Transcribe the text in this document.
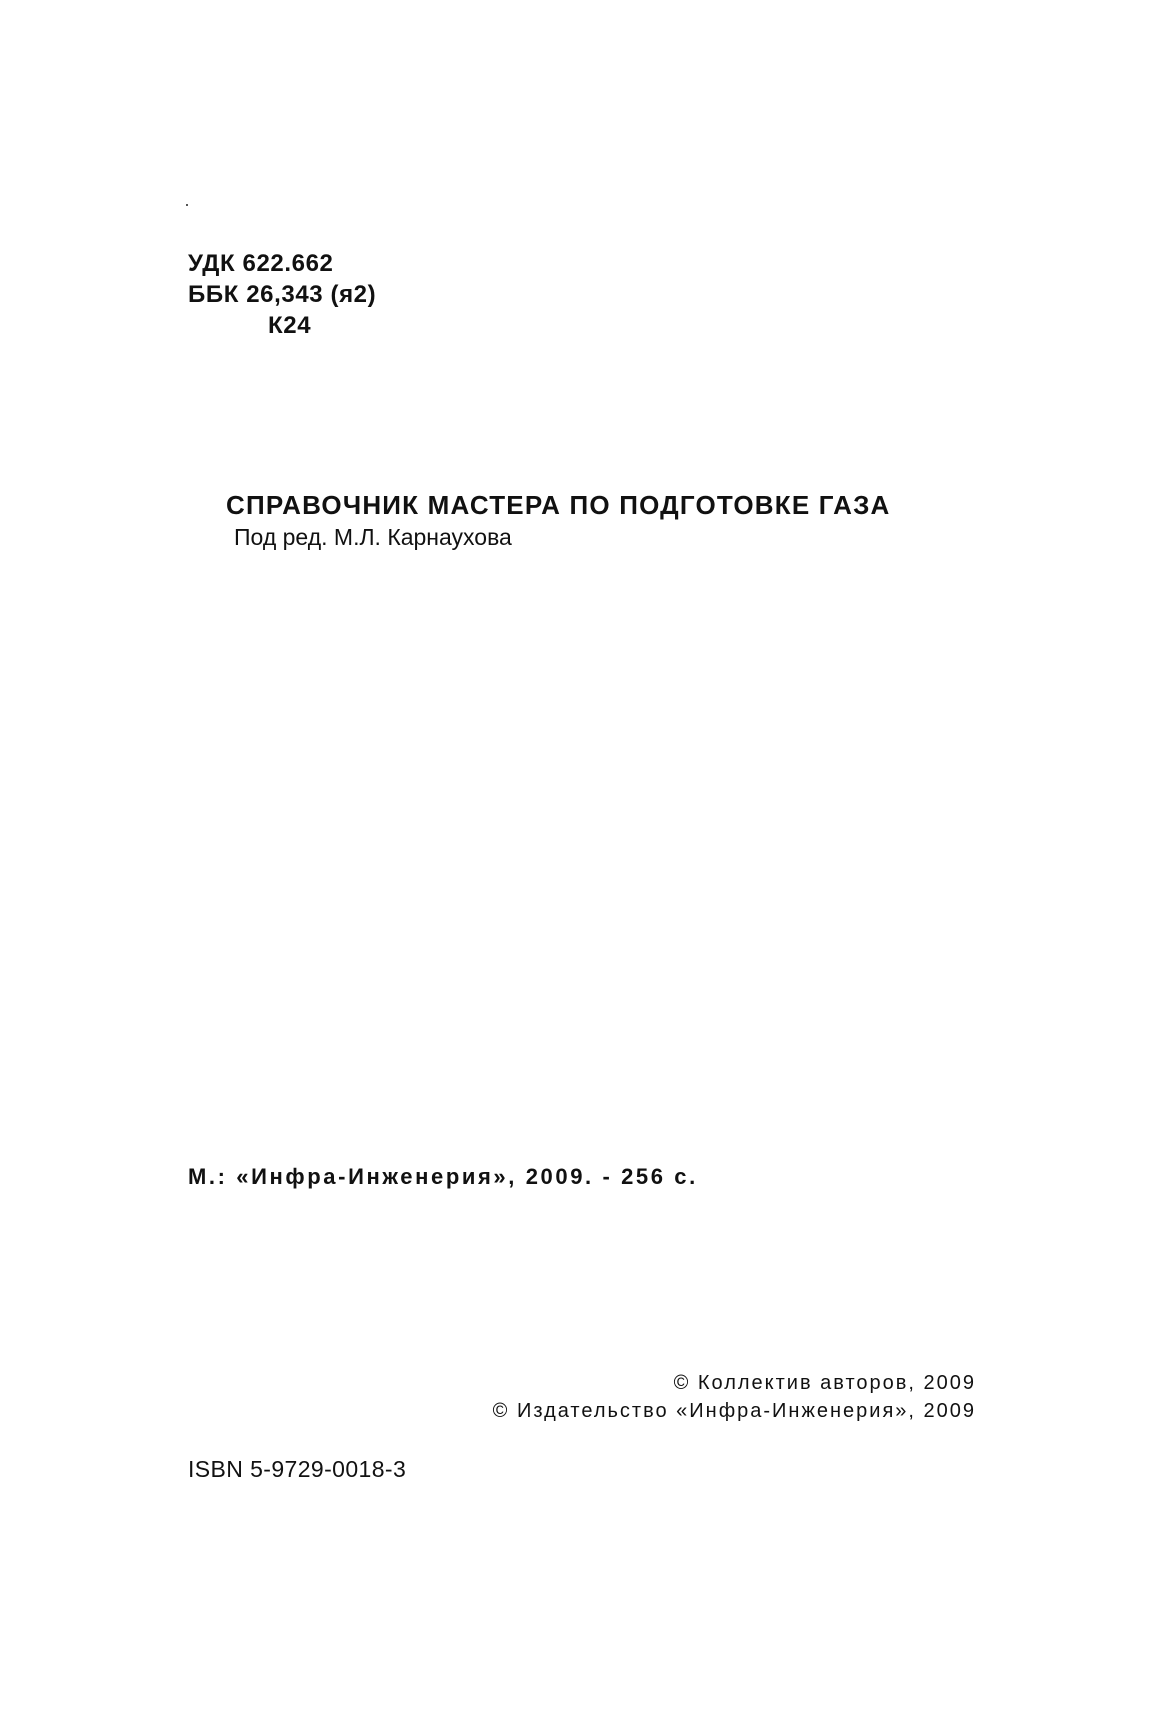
УДК 622.662
ББК 26,343 (я2)
К24
СПРАВОЧНИК МАСТЕРА ПО ПОДГОТОВКЕ ГАЗА
Под ред. М.Л. Карнаухова
М.: «Инфра-Инженерия», 2009. - 256 с.
© Коллектив авторов, 2009
© Издательство «Инфра-Инженерия», 2009
ISBN 5-9729-0018-3
